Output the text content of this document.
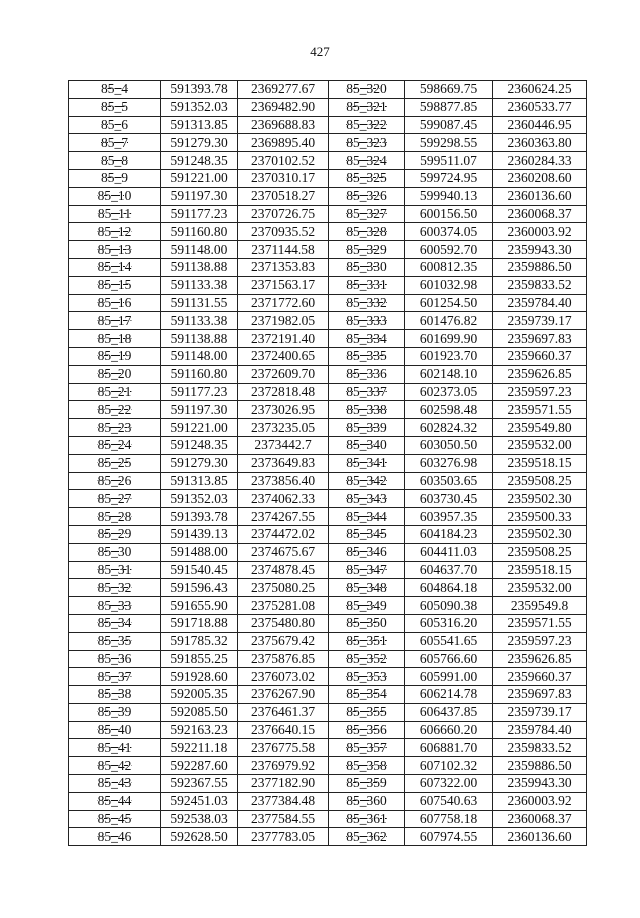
427
85_4	591393.78	2369277.67	85_320	598669.75	2360624.25
85_5	591352.03	2369482.90	85_321	598877.85	2360533.77
85_6	591313.85	2369688.83	85_322	599087.45	2360446.95
85_7	591279.30	2369895.40	85_323	599298.55	2360363.80
85_8	591248.35	2370102.52	85_324	599511.07	2360284.33
85_9	591221.00	2370310.17	85_325	599724.95	2360208.60
85_10	591197.30	2370518.27	85_326	599940.13	2360136.60
85_11	591177.23	2370726.75	85_327	600156.50	2360068.37
85_12	591160.80	2370935.52	85_328	600374.05	2360003.92
85_13	591148.00	2371144.58	85_329	600592.70	2359943.30
85_14	591138.88	2371353.83	85_330	600812.35	2359886.50
85_15	591133.38	2371563.17	85_331	601032.98	2359833.52
85_16	591131.55	2371772.60	85_332	601254.50	2359784.40
85_17	591133.38	2371982.05	85_333	601476.82	2359739.17
85_18	591138.88	2372191.40	85_334	601699.90	2359697.83
85_19	591148.00	2372400.65	85_335	601923.70	2359660.37
85_20	591160.80	2372609.70	85_336	602148.10	2359626.85
85_21	591177.23	2372818.48	85_337	602373.05	2359597.23
85_22	591197.30	2373026.95	85_338	602598.48	2359571.55
85_23	591221.00	2373235.05	85_339	602824.32	2359549.80
85_24	591248.35	2373442.7	85_340	603050.50	2359532.00
85_25	591279.30	2373649.83	85_341	603276.98	2359518.15
85_26	591313.85	2373856.40	85_342	603503.65	2359508.25
85_27	591352.03	2374062.33	85_343	603730.45	2359502.30
85_28	591393.78	2374267.55	85_344	603957.35	2359500.33
85_29	591439.13	2374472.02	85_345	604184.23	2359502.30
85_30	591488.00	2374675.67	85_346	604411.03	2359508.25
85_31	591540.45	2374878.45	85_347	604637.70	2359518.15
85_32	591596.43	2375080.25	85_348	604864.18	2359532.00
85_33	591655.90	2375281.08	85_349	605090.38	2359549.8
85_34	591718.88	2375480.80	85_350	605316.20	2359571.55
85_35	591785.32	2375679.42	85_351	605541.65	2359597.23
85_36	591855.25	2375876.85	85_352	605766.60	2359626.85
85_37	591928.60	2376073.02	85_353	605991.00	2359660.37
85_38	592005.35	2376267.90	85_354	606214.78	2359697.83
85_39	592085.50	2376461.37	85_355	606437.85	2359739.17
85_40	592163.23	2376640.15	85_356	606660.20	2359784.40
85_41	592211.18	2376775.58	85_357	606881.70	2359833.52
85_42	592287.60	2376979.92	85_358	607102.32	2359886.50
85_43	592367.55	2377182.90	85_359	607322.00	2359943.30
85_44	592451.03	2377384.48	85_360	607540.63	2360003.92
85_45	592538.03	2377584.55	85_361	607758.18	2360068.37
85_46	592628.50	2377783.05	85_362	607974.55	2360136.60
